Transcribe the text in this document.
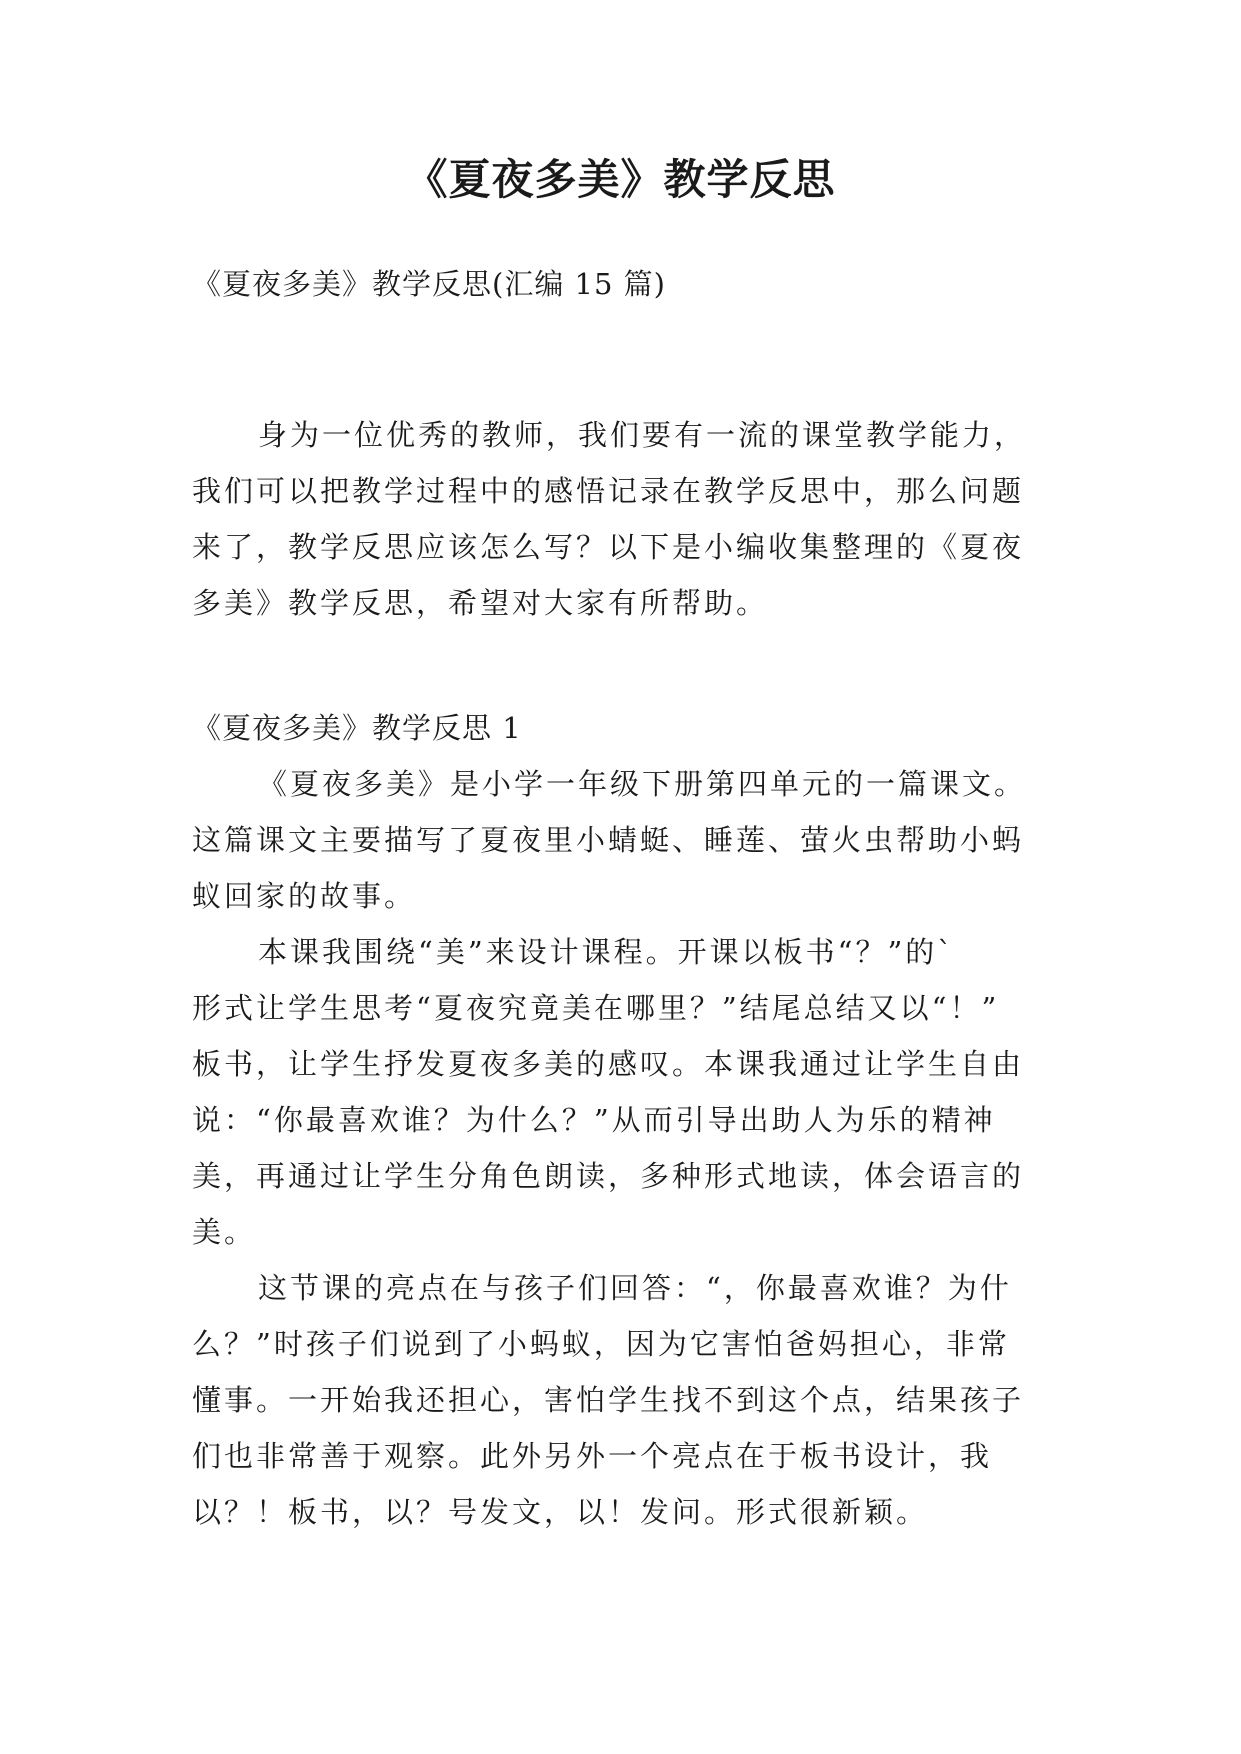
《夏夜多美》教学反思

《夏夜多美》教学反思(汇编 15 篇)

身为一位优秀的教师，我们要有一流的课堂教学能力，
我们可以把教学过程中的感悟记录在教学反思中，那么问题
来了，教学反思应该怎么写？以下是小编收集整理的《夏夜
多美》教学反思，希望对大家有所帮助。
《夏夜多美》教学反思 1
《夏夜多美》是小学一年级下册第四单元的一篇课文。
这篇课文主要描写了夏夜里小蜻蜓、睡莲、萤火虫帮助小蚂
蚁回家的故事。
本课我围绕“美”来设计课程。开课以板书“？”的`
形式让学生思考“夏夜究竟美在哪里？”结尾总结又以“！”
板书，让学生抒发夏夜多美的感叹。本课我通过让学生自由
说：“你最喜欢谁？为什么？”从而引导出助人为乐的精神
美，再通过让学生分角色朗读，多种形式地读，体会语言的
美。
这节课的亮点在与孩子们回答：“，你最喜欢谁？为什
么？”时孩子们说到了小蚂蚁，因为它害怕爸妈担心，非常
懂事。一开始我还担心，害怕学生找不到这个点，结果孩子
们也非常善于观察。此外另外一个亮点在于板书设计，我
以？！板书，以？号发文，以！发问。形式很新颖。
